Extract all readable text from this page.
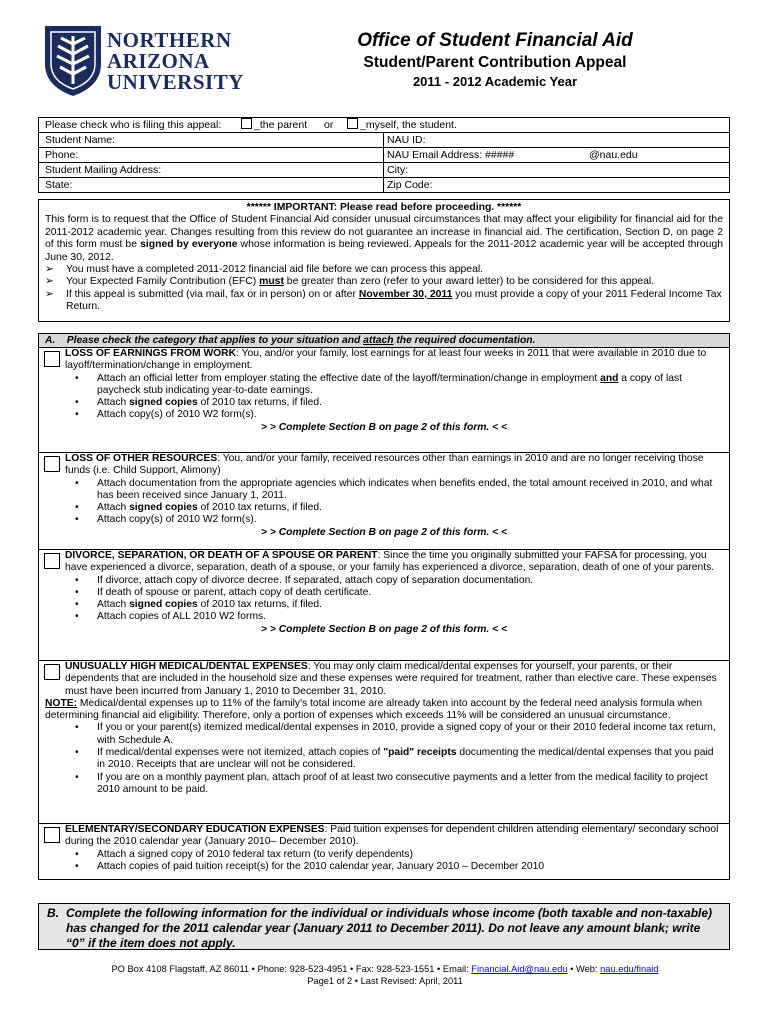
NORTHERN
ARIZONA
UNIVERSITY
Office of Student Financial Aid
Student/Parent Contribution Appeal
2011 - 2012 Academic Year
Please check who is filing this appeal:	_the parent or	_myself, the student.
Student Name:	NAU ID:
Phone:	NAU Email Address: #####	@nau.edu
Student Mailing Address:	City:
State:	Zip Code:
****** IMPORTANT: Please read before proceeding. ******
This form is to request that the Office of Student Financial Aid consider unusual circumstances that may affect your eligibility for financial aid for the 2011-2012 academic year. Changes resulting from this review do not guarantee an increase in financial aid. The certification, Section D, on page 2 of this form must be signed by everyone whose information is being reviewed. Appeals for the 2011-2012 academic year will be accepted through June 30, 2012.
➢ You must have a completed 2011-2012 financial aid file before we can process this appeal.
➢ Your Expected Family Contribution (EFC) must be greater than zero (refer to your award letter) to be considered for this appeal.
➢ If this appeal is submitted (via mail, fax or in person) on or after November 30, 2011 you must provide a copy of your 2011 Federal Income Tax Return.
A. Please check the category that applies to your situation and attach the required documentation.
LOSS OF EARNINGS FROM WORK: You, and/or your family, lost earnings for at least four weeks in 2011 that were available in 2010 due to layoff/termination/change in employment.
• Attach an official letter from employer stating the effective date of the layoff/termination/change in employment and a copy of last paycheck stub indicating year-to-date earnings.
• Attach signed copies of 2010 tax returns, if filed.
• Attach copy(s) of 2010 W2 form(s).
> > Complete Section B on page 2 of this form. < <
LOSS OF OTHER RESOURCES: You, and/or your family, received resources other than earnings in 2010 and are no longer receiving those funds (i.e. Child Support, Alimony)
• Attach documentation from the appropriate agencies which indicates when benefits ended, the total amount received in 2010, and what has been received since January 1, 2011.
• Attach signed copies of 2010 tax returns, if filed.
• Attach copy(s) of 2010 W2 form(s).
> > Complete Section B on page 2 of this form. < <
DIVORCE, SEPARATION, OR DEATH OF A SPOUSE OR PARENT: Since the time you originally submitted your FAFSA for processing, you have experienced a divorce, separation, death of a spouse, or your family has experienced a divorce, separation, death of one of your parents.
• If divorce, attach copy of divorce decree. If separated, attach copy of separation documentation.
• If death of spouse or parent, attach copy of death certificate.
• Attach signed copies of 2010 tax returns, if filed.
• Attach copies of ALL 2010 W2 forms.
> > Complete Section B on page 2 of this form. < <
UNUSUALLY HIGH MEDICAL/DENTAL EXPENSES: You may only claim medical/dental expenses for yourself, your parents, or their dependents that are included in the household size and these expenses were required for treatment, rather than elective care. These expenses must have been incurred from January 1, 2010 to December 31, 2010.
NOTE: Medical/dental expenses up to 11% of the family's total income are already taken into account by the federal need analysis formula when determining financial aid eligibility. Therefore, only a portion of expenses which exceeds 11% will be considered an unusual circumstance.
• If you or your parent(s) itemized medical/dental expenses in 2010, provide a signed copy of your or their 2010 federal income tax return, with Schedule A.
• If medical/dental expenses were not itemized, attach copies of "paid" receipts documenting the medical/dental expenses that you paid in 2010. Receipts that are unclear will not be considered.
• If you are on a monthly payment plan, attach proof of at least two consecutive payments and a letter from the medical facility to project 2010 amount to be paid.
ELEMENTARY/SECONDARY EDUCATION EXPENSES: Paid tuition expenses for dependent children attending elementary/ secondary school during the 2010 calendar year (January 2010– December 2010).
• Attach a signed copy of 2010 federal tax return (to verify dependents)
• Attach copies of paid tuition receipt(s) for the 2010 calendar year, January 2010 – December 2010
B. Complete the following information for the individual or individuals whose income (both taxable and non-taxable) has changed for the 2011 calendar year (January 2011 to December 2011). Do not leave any amount blank; write “0” if the item does not apply.
PO Box 4108 Flagstaff, AZ 86011 • Phone: 928-523-4951 • Fax: 928-523-1551 • Email: Financial.Aid@nau.edu • Web: nau.edu/finaid
Page1 of 2 • Last Revised: April, 2011
